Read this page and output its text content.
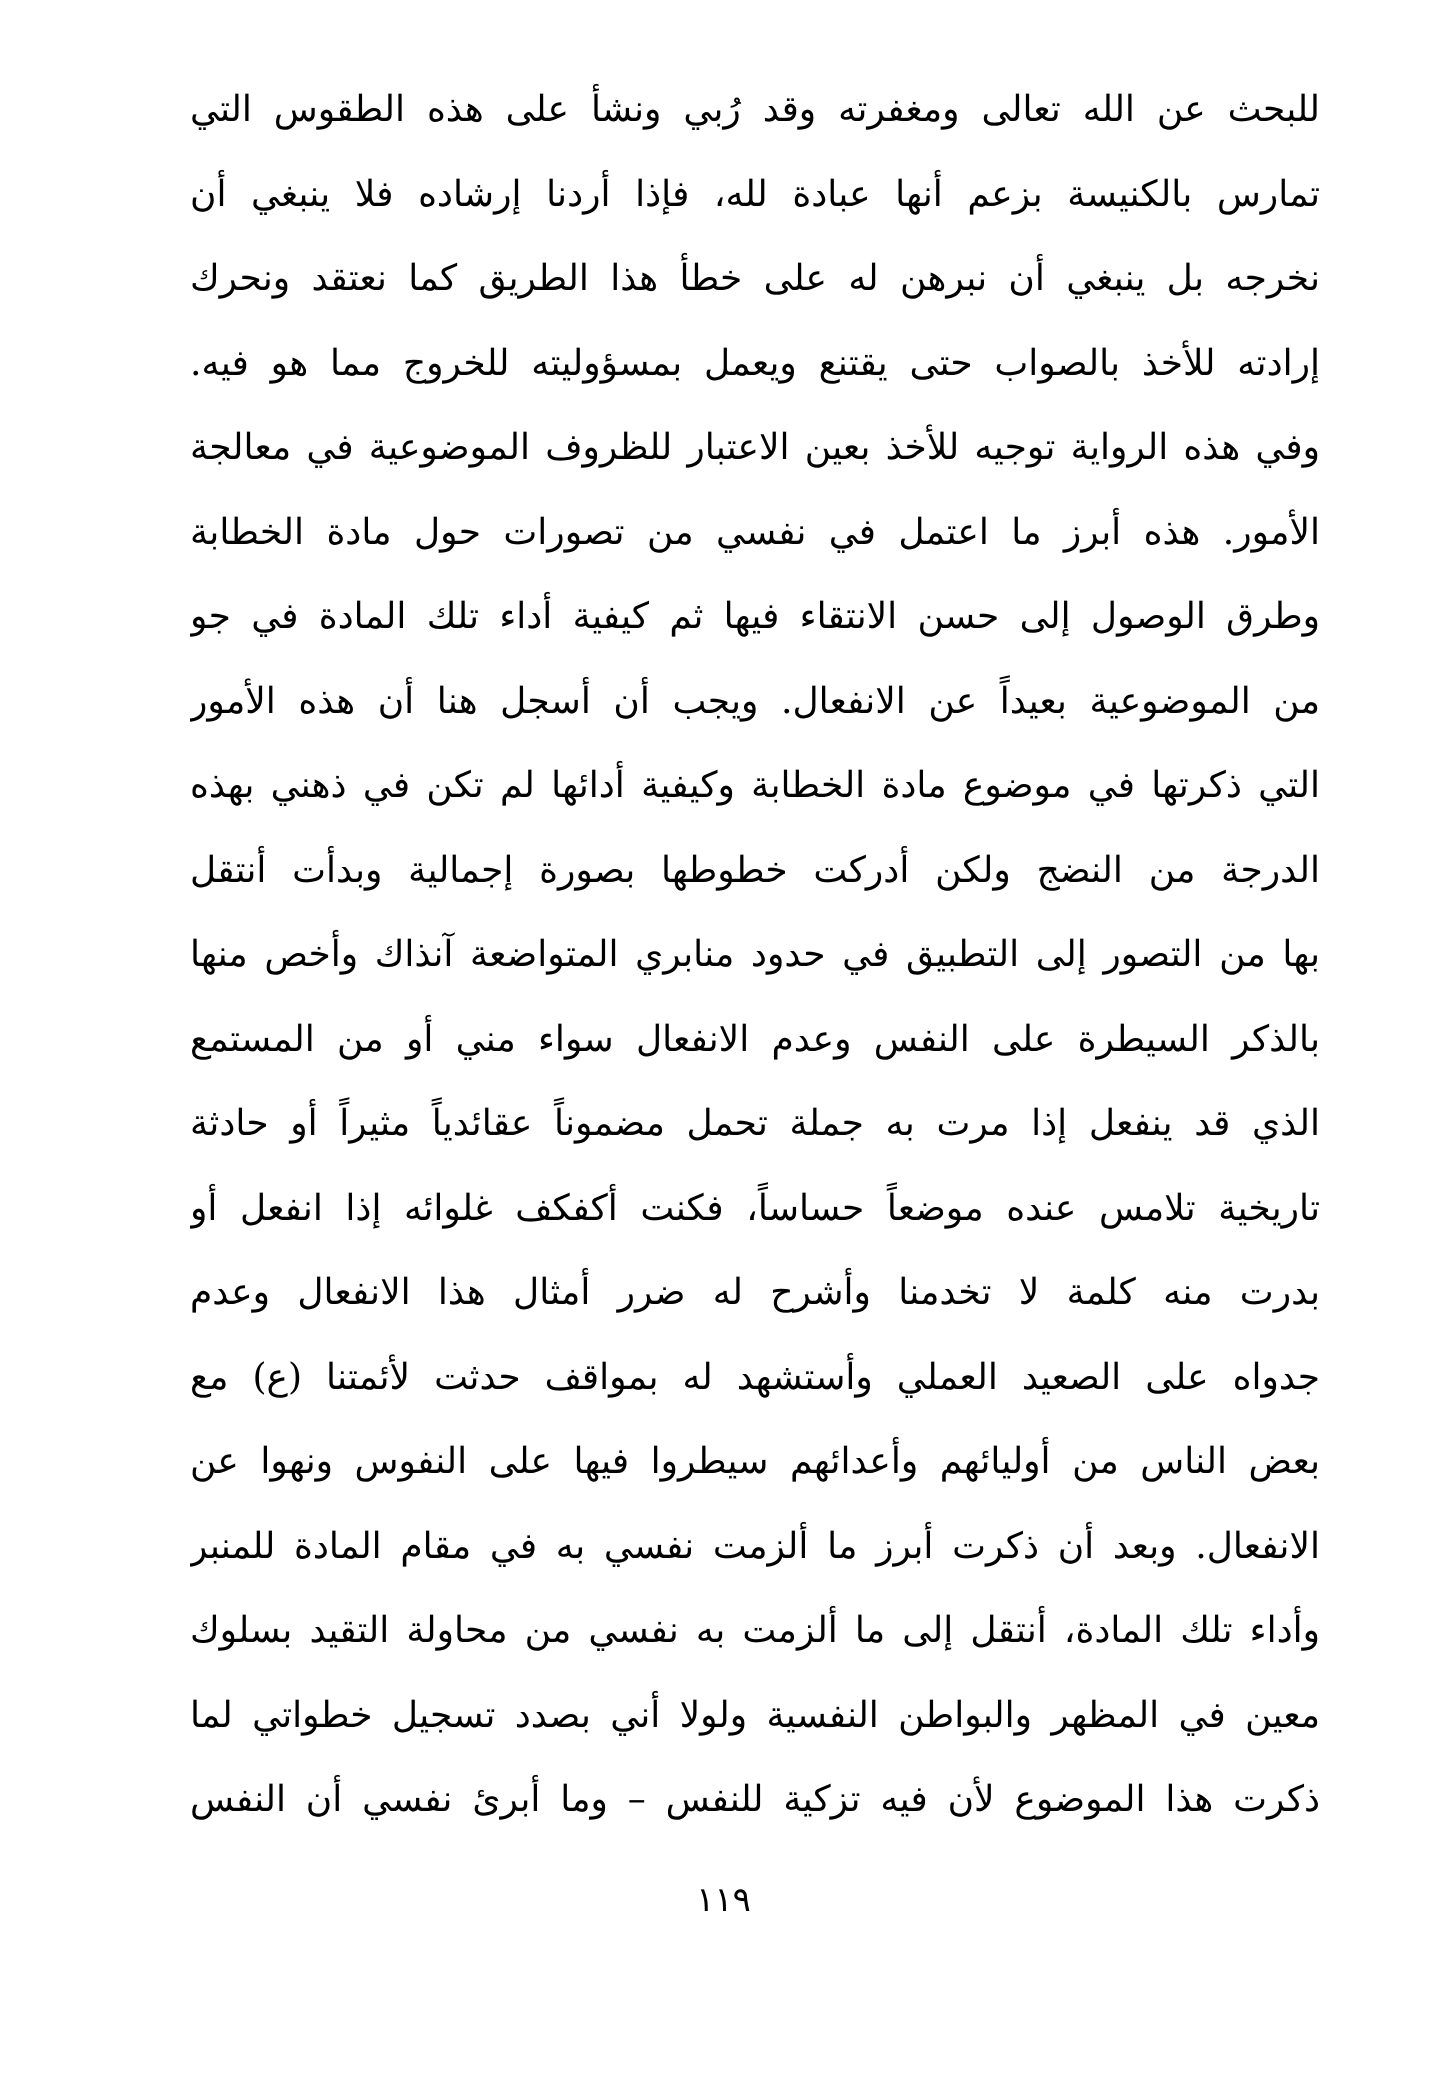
للبحث عن الله تعالى ومغفرته وقد رُبي ونشأ على هذه الطقوس التي
تمارس بالكنيسة بزعم أنها عبادة لله، فإذا أردنا إرشاده فلا ينبغي أن
نخرجه بل ينبغي أن نبرهن له على خطأ هذا الطريق كما نعتقد ونحرك
إرادته للأخذ بالصواب حتى يقتنع ويعمل بمسؤوليته للخروج مما هو فيه.
وفي هذه الرواية توجيه للأخذ بعين الاعتبار للظروف الموضوعية في معالجة
الأمور. هذه أبرز ما اعتمل في نفسي من تصورات حول مادة الخطابة
وطرق الوصول إلى حسن الانتقاء فيها ثم كيفية أداء تلك المادة في جو
من الموضوعية بعيداً عن الانفعال. ويجب أن أسجل هنا أن هذه الأمور
التي ذكرتها في موضوع مادة الخطابة وكيفية أدائها لم تكن في ذهني بهذه
الدرجة من النضج ولكن أدركت خطوطها بصورة إجمالية وبدأت أنتقل
بها من التصور إلى التطبيق في حدود منابري المتواضعة آنذاك وأخص منها
بالذكر السيطرة على النفس وعدم الانفعال سواء مني أو من المستمع
الذي قد ينفعل إذا مرت به جملة تحمل مضموناً عقائدياً مثيراً أو حادثة
تاريخية تلامس عنده موضعاً حساساً، فكنت أكفكف غلوائه إذا انفعل أو
بدرت منه كلمة لا تخدمنا وأشرح له ضرر أمثال هذا الانفعال وعدم
جدواه على الصعيد العملي وأستشهد له بمواقف حدثت لأئمتنا (ع) مع
بعض الناس من أوليائهم وأعدائهم سيطروا فيها على النفوس ونهوا عن
الانفعال. وبعد أن ذكرت أبرز ما ألزمت نفسي به في مقام المادة للمنبر
وأداء تلك المادة، أنتقل إلى ما ألزمت به نفسي من محاولة التقيد بسلوك
معين في المظهر والبواطن النفسية ولولا أني بصدد تسجيل خطواتي لما
ذكرت هذا الموضوع لأن فيه تزكية للنفس – وما أبرئ نفسي أن النفس
١١٩
